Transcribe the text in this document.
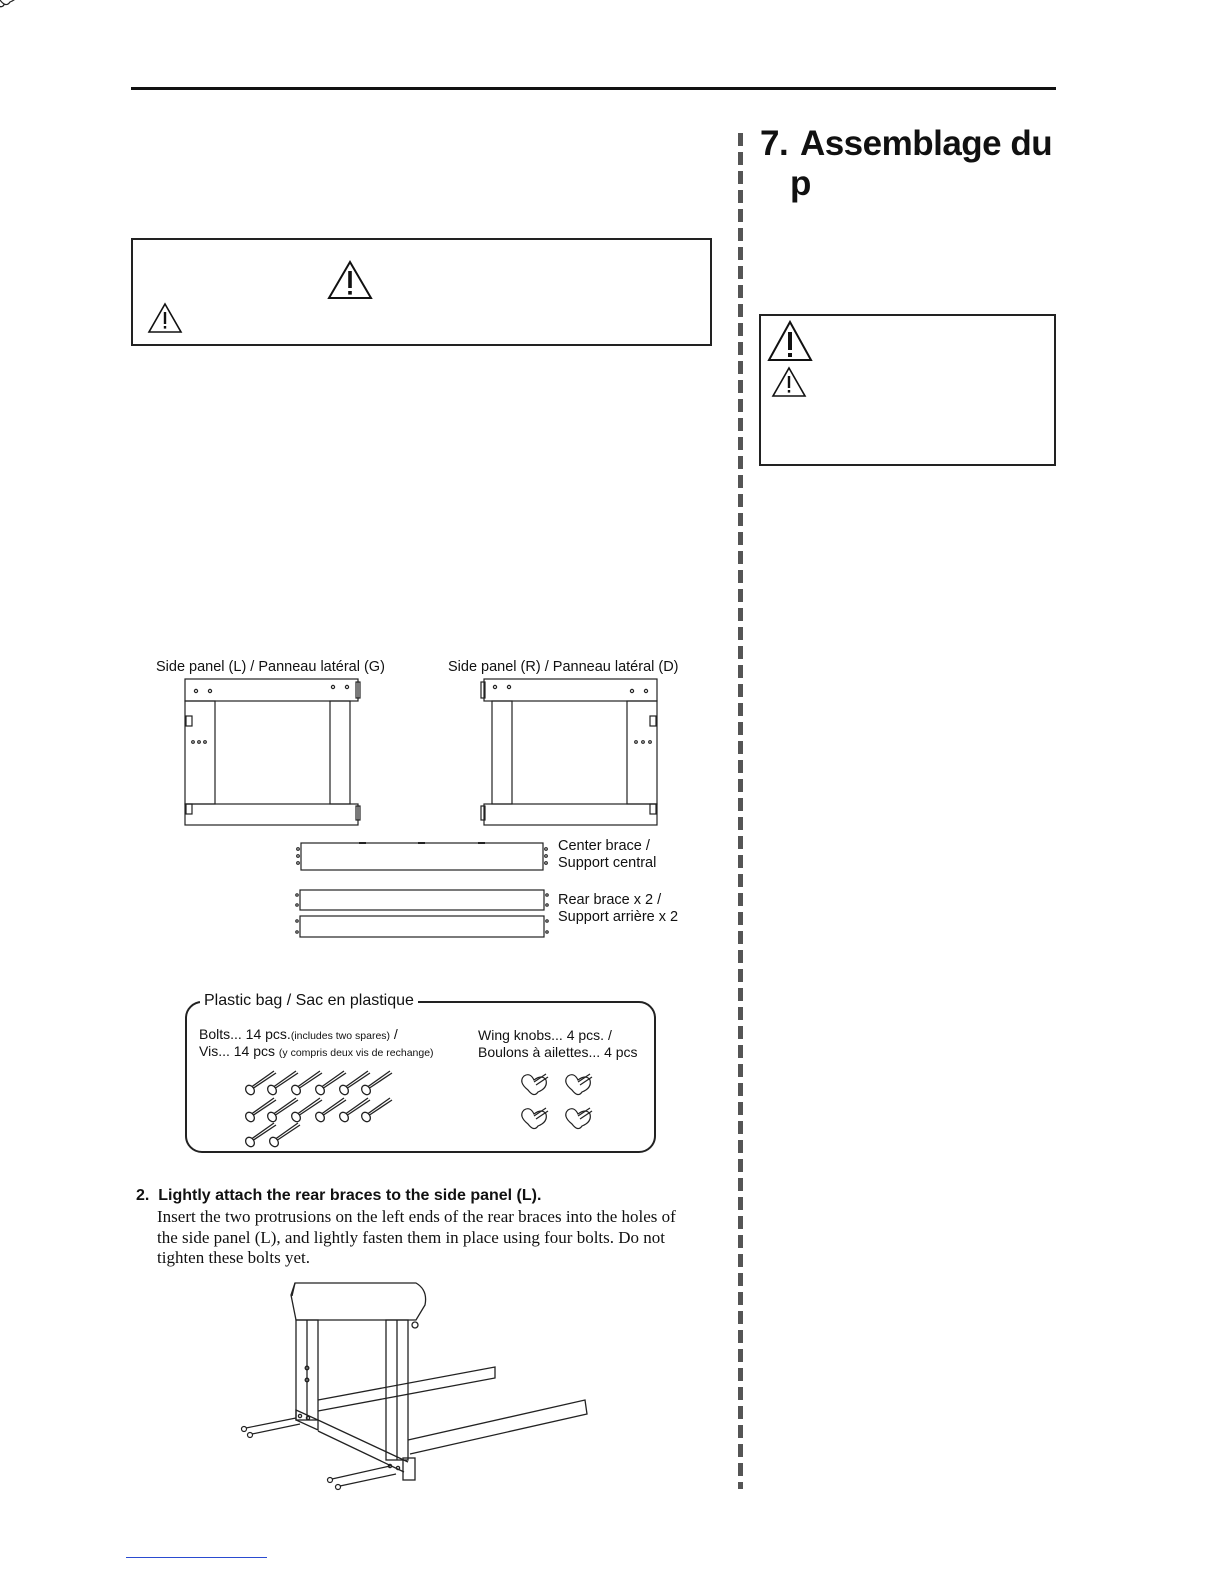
7. Assemblage du
p
Side panel (L) / Panneau latéral (G)	Side panel (R) / Panneau latéral (D)
Center brace /
Support central
Rear brace x 2 /
Support arrière x 2
Plastic bag / Sac en plastique
Bolts... 14 pcs.(includes two spares) /
Vis... 14 pcs (y compris deux vis de rechange)
Wing knobs... 4 pcs. /
Boulons à ailettes... 4 pcs
2. Lightly attach the rear braces to the side panel (L).
Insert the two protrusions on the left ends of the rear braces into the holes of the side panel (L), and lightly fasten them in place using four bolts. Do not tighten these bolts yet.
